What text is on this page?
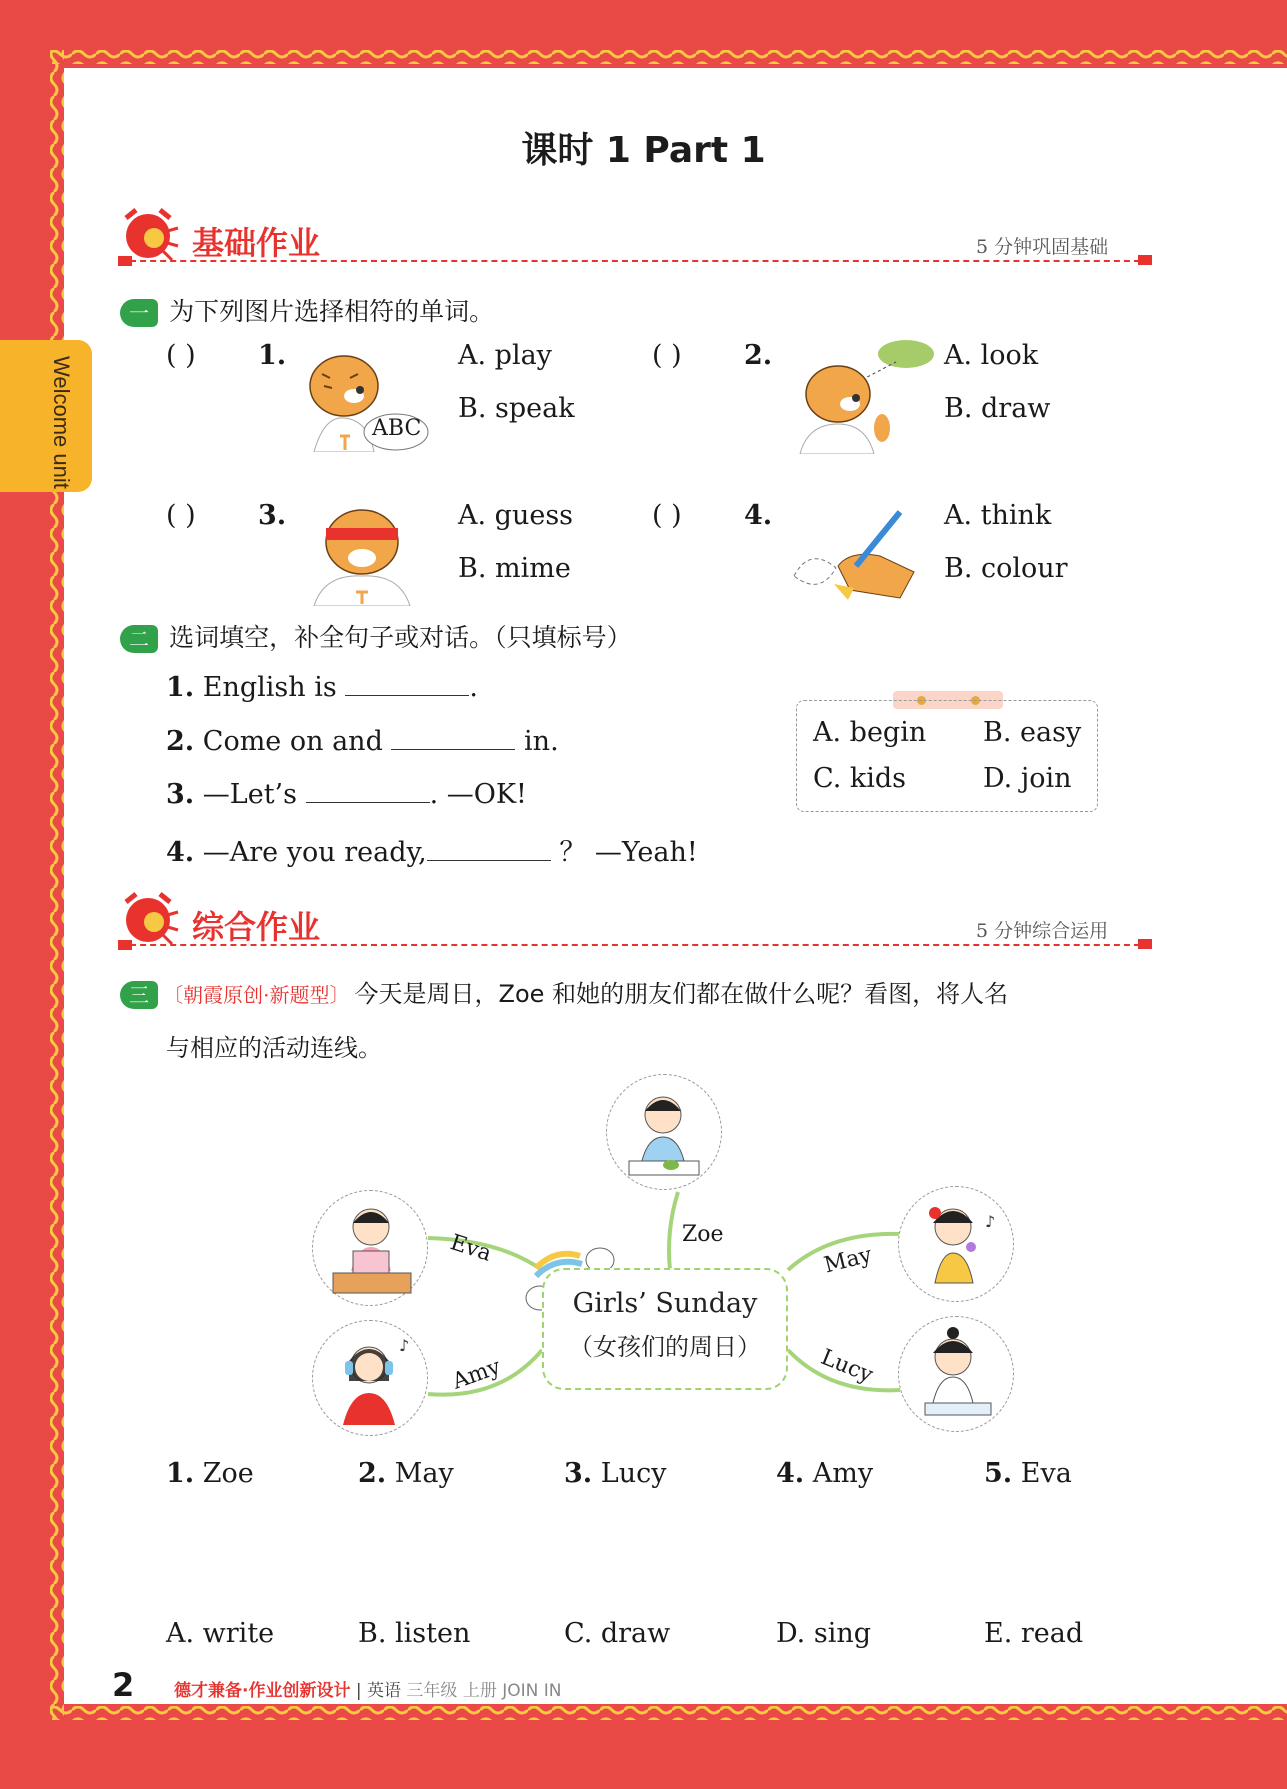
Welcome unit
课时 1 Part 1
基础作业	5 分钟巩固基础
一 为下列图片选择相符的单词。
( ) 1.
ABC
A. play
B. speak
( ) 2.	A. look
B. draw
( ) 3.	A. guess
B. mime
( ) 4.	A. think
B. colour
二 选词填空，补全句子或对话。（只填标号）
1. English is	.
2. Come on and	in.
3. —Let’s	. —OK!
4. —Are you ready,	？ —Yeah!
A. begin B. easy
C. kids	D. join
综合作业	5 分钟综合运用
三 〔朝霞原创·新题型〕 今天是周日，Zoe 和她的朋友们都在做什么呢？看图，将人名
与相应的活动连线。
Girls’ Sunday
（女孩们的周日）
Zoe
Eva	May
Amy	Lucy
♪
♪
1. Zoe	2. May	3. Lucy	4. Amy	5. Eva
A. write	B. listen	C. draw	D. sing	E. read
2 德才兼备·作业创新设计 | 英语 三年级 上册 JOIN IN
